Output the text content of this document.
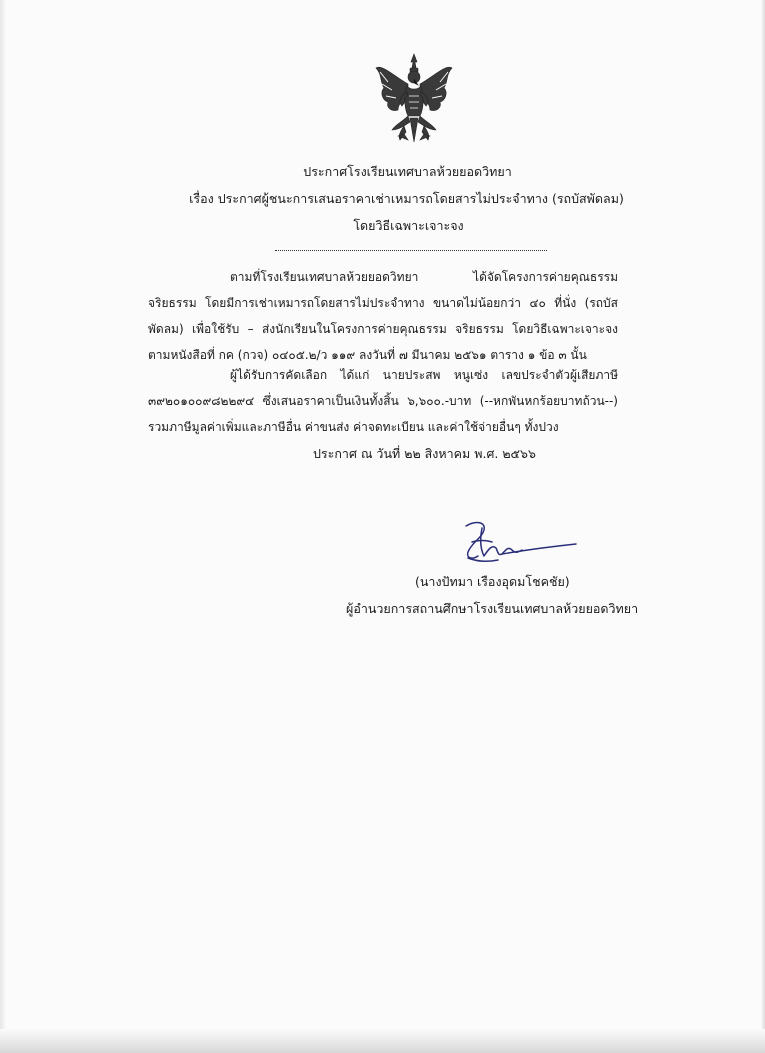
ประกาศโรงเรียนเทศบาลห้วยยอดวิทยา
เรื่อง ประกาศผู้ชนะการเสนอราคาเช่าเหมารถโดยสารไม่ประจำทาง (รถบัสพัดลม)
โดยวิธีเฉพาะเจาะจง
ตามที่โรงเรียนเทศบาลห้วยยอดวิทยา ได้จัดโครงการค่ายคุณธรรม จริยธรรม โดยมีการเช่าเหมารถโดยสารไม่ประจำทาง ขนาดไม่น้อยกว่า ๔๐ ที่นั่ง (รถบัสพัดลม) เพื่อใช้รับ – ส่งนักเรียนในโครงการค่ายคุณธรรม จริยธรรม โดยวิธีเฉพาะเจาะจง ตามหนังสือที่ กค (กวจ) ๐๔๐๕.๒/ว ๑๑๙ ลงวันที่ ๗ มีนาคม ๒๕๖๑ ตาราง ๑ ข้อ ๓ นั้น
ผู้ได้รับการคัดเลือก ได้แก่ นายประสพ หนูเซ่ง เลขประจำตัวผู้เสียภาษี ๓๙๒๐๑๐๐๙๘๒๒๙๔ ซึ่งเสนอราคาเป็นเงินทั้งสิ้น ๖,๖๐๐.-บาท (--หกพันหกร้อยบาทถ้วน--) รวมภาษีมูลค่าเพิ่มและภาษีอื่น ค่าขนส่ง ค่าจดทะเบียน และค่าใช้จ่ายอื่นๆ ทั้งปวง
ประกาศ ณ วันที่ ๒๒ สิงหาคม พ.ศ. ๒๕๖๖
(นางปัทมา เรืองอุดมโชคชัย)
ผู้อำนวยการสถานศึกษาโรงเรียนเทศบาลห้วยยอดวิทยา
